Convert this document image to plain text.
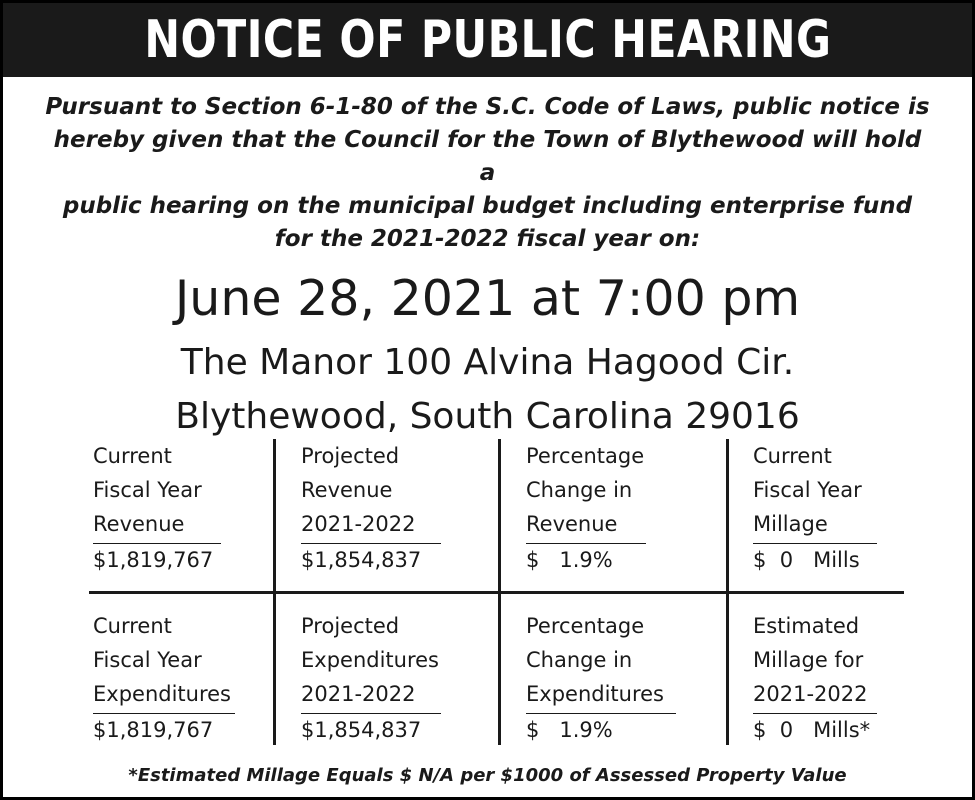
NOTICE OF PUBLIC HEARING
Pursuant to Section 6-1-80 of the S.C. Code of Laws, public notice is
hereby given that the Council for the Town of Blythewood will hold a
public hearing on the municipal budget including enterprise fund
for the 2021-2022 fiscal year on:
June 28, 2021 at 7:00 pm
The Manor 100 Alvina Hagood Cir.
Blythewood, South Carolina 29016
Current
Fiscal Year
Revenue
$1,819,767
Projected
Revenue
2021-2022
$1,854,837
Percentage
Change in
Revenue
$   1.9%
Current
Fiscal Year
Millage
$  0   Mills
Current
Fiscal Year
Expenditures
$1,819,767
Projected
Expenditures
2021-2022
$1,854,837
Percentage
Change in
Expenditures
$   1.9%
Estimated
Millage for
2021-2022
$  0   Mills*
*Estimated Millage Equals $ N/A per $1000 of Assessed Property Value
